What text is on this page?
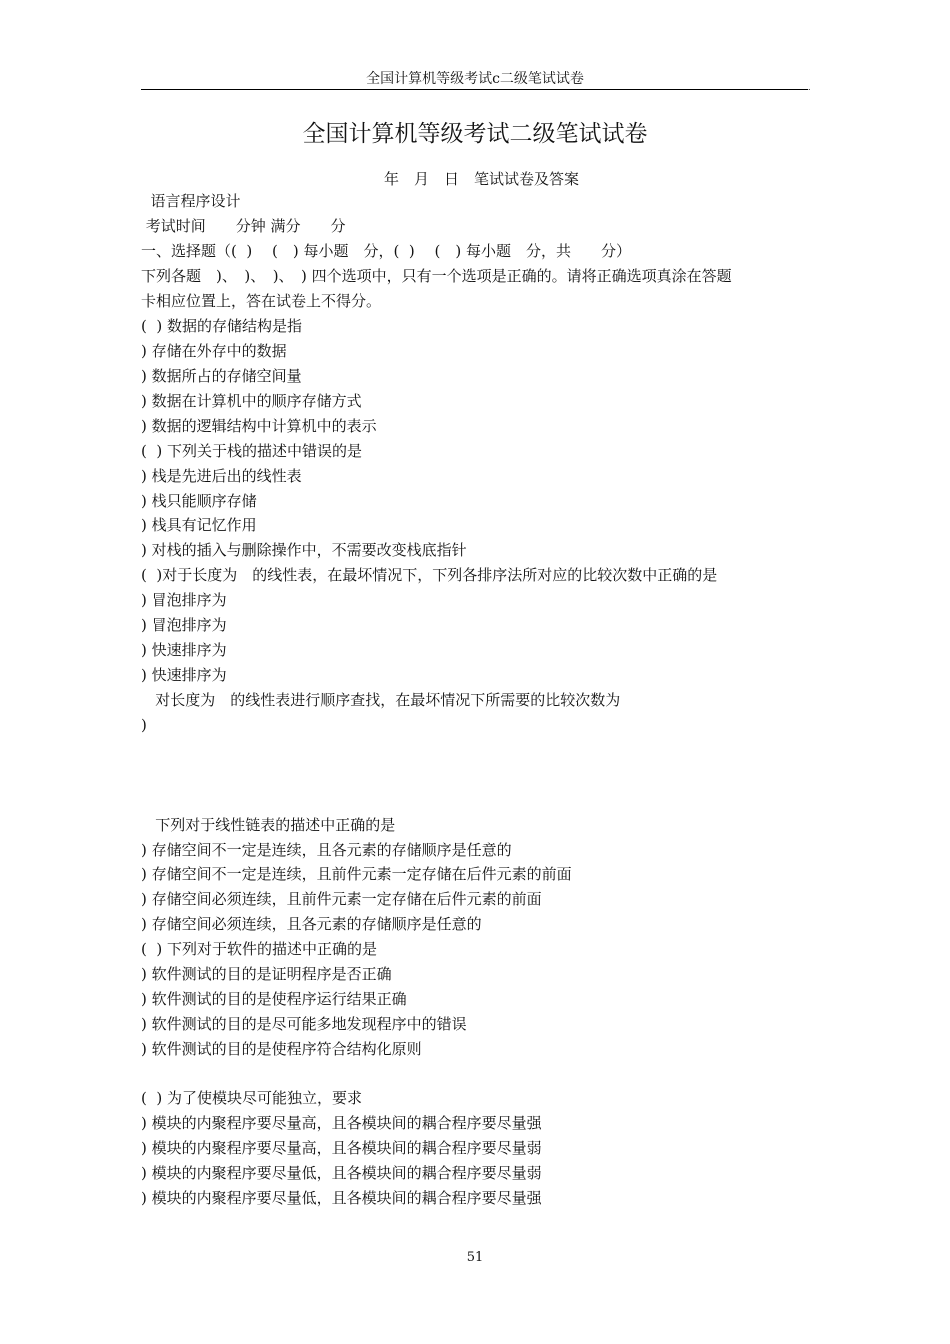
全国计算机等级考试c二级笔试试卷
.
全国计算机等级考试二级笔试试卷
年　月　日　笔试试卷及答案
语言程序设计
考试时间　　分钟 满分　　分
一、选择题（(  )　 (　) 每小题　分，(  )　 (　) 每小题　分，共　　分）
下列各题　)、　)、　)、　) 四个选项中，只有一个选项是正确的。请将正确选项真涂在答题
卡相应位置上，答在试卷上不得分。
(  ) 数据的存储结构是指
) 存储在外存中的数据
) 数据所占的存储空间量
) 数据在计算机中的顺序存储方式
) 数据的逻辑结构中计算机中的表示
(  ) 下列关于栈的描述中错误的是
) 栈是先进后出的线性表
) 栈只能顺序存储
) 栈具有记忆作用
) 对栈的插入与删除操作中，不需要改变栈底指针
(  )对于长度为　的线性表，在最坏情况下，下列各排序法所对应的比较次数中正确的是
) 冒泡排序为
) 冒泡排序为
) 快速排序为
) 快速排序为
对长度为　的线性表进行顺序查找，在最坏情况下所需要的比较次数为
)
下列对于线性链表的描述中正确的是
) 存储空间不一定是连续，且各元素的存储顺序是任意的
) 存储空间不一定是连续，且前件元素一定存储在后件元素的前面
) 存储空间必须连续，且前件元素一定存储在后件元素的前面
) 存储空间必须连续，且各元素的存储顺序是任意的
(  ) 下列对于软件的描述中正确的是
) 软件测试的目的是证明程序是否正确
) 软件测试的目的是使程序运行结果正确
) 软件测试的目的是尽可能多地发现程序中的错误
) 软件测试的目的是使程序符合结构化原则
(  ) 为了使模块尽可能独立，要求
) 模块的内聚程序要尽量高，且各模块间的耦合程序要尽量强
) 模块的内聚程序要尽量高，且各模块间的耦合程序要尽量弱
) 模块的内聚程序要尽量低，且各模块间的耦合程序要尽量弱
) 模块的内聚程序要尽量低，且各模块间的耦合程序要尽量强
51
